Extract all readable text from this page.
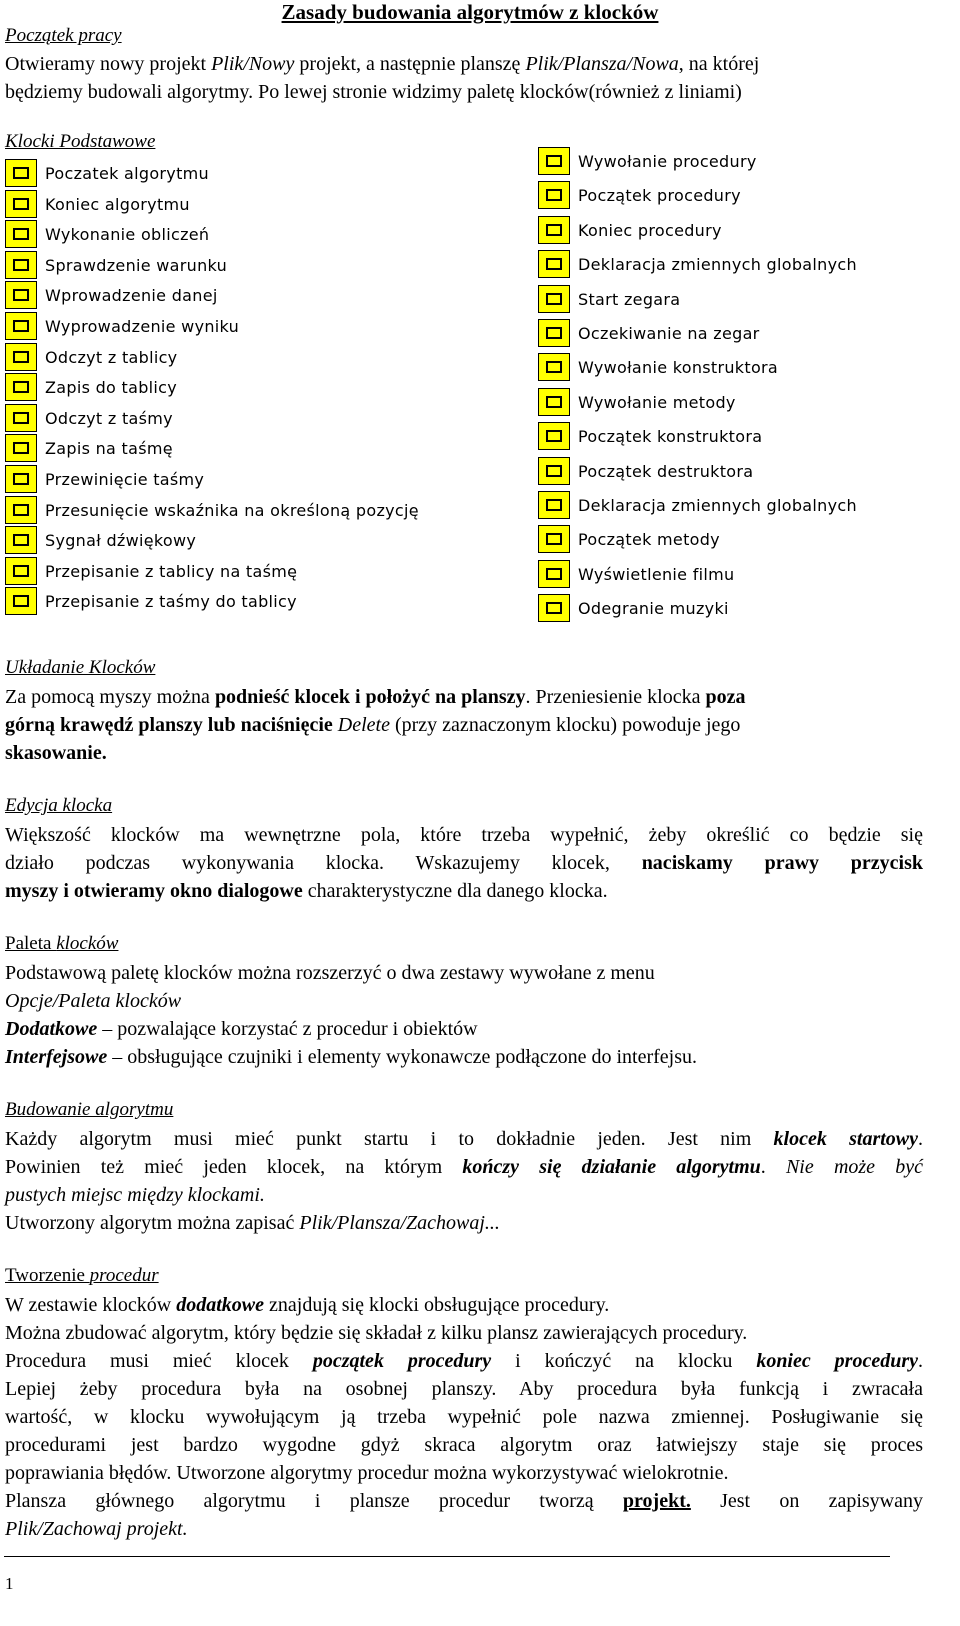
Zasady budowania algorytmów z klocków
Początek pracy
Otwieramy nowy projekt Plik/Nowy projekt, a następnie planszę Plik/Plansza/Nowa, na której
będziemy budowali algorytmy. Po lewej stronie widzimy paletę klocków(również z liniami)
Klocki Podstawowe
Poczatek algorytmu
Koniec algorytmu
Wykonanie obliczeń
Sprawdzenie warunku
Wprowadzenie danej
Wyprowadzenie wyniku
Odczyt z tablicy
Zapis do tablicy
Odczyt z taśmy
Zapis na taśmę
Przewinięcie taśmy
Przesunięcie wskaźnika na określoną pozycję
Sygnał dźwiękowy
Przepisanie z tablicy na taśmę
Przepisanie z taśmy do tablicy
Wywołanie procedury
Początek procedury
Koniec procedury
Deklaracja zmiennych globalnych
Start zegara
Oczekiwanie na zegar
Wywołanie konstruktora
Wywołanie metody
Początek konstruktora
Początek destruktora
Deklaracja zmiennych globalnych
Początek metody
Wyświetlenie filmu
Odegranie muzyki
Układanie Klocków
Za pomocą myszy można podnieść klocek i położyć na planszy. Przeniesienie klocka poza
górną krawędź planszy lub naciśnięcie Delete (przy zaznaczonym klocku) powoduje jego
skasowanie.
Edycja klocka
Większość klocków ma wewnętrzne pola, które trzeba wypełnić, żeby określić co będzie się
działo podczas wykonywania klocka. Wskazujemy klocek, naciskamy prawy przycisk
myszy i otwieramy okno dialogowe charakterystyczne dla danego klocka.
Paleta klocków
Podstawową paletę klocków można rozszerzyć o dwa zestawy wywołane z menu
Opcje/Paleta klocków
Dodatkowe – pozwalające korzystać z procedur i obiektów
Interfejsowe – obsługujące czujniki i elementy wykonawcze podłączone do interfejsu.
Budowanie algorytmu
Każdy algorytm musi mieć punkt startu i to dokładnie jeden. Jest nim klocek startowy.
Powinien też mieć jeden klocek, na którym kończy się działanie algorytmu. Nie może być
pustych miejsc między klockami.
Utworzony algorytm można zapisać Plik/Plansza/Zachowaj...
Tworzenie procedur
W zestawie klocków dodatkowe znajdują się klocki obsługujące procedury.
Można zbudować algorytm, który będzie się składał z kilku plansz zawierających procedury.
Procedura musi mieć klocek początek procedury i kończyć na klocku koniec procedury.
Lepiej żeby procedura była na osobnej planszy. Aby procedura była funkcją i zwracała
wartość, w klocku wywołującym ją trzeba wypełnić pole nazwa zmiennej. Posługiwanie się
procedurami jest bardzo wygodne gdyż skraca algorytm oraz łatwiejszy staje się proces
poprawiania błędów. Utworzone algorytmy procedur można wykorzystywać wielokrotnie.
Plansza głównego algorytmu i plansze procedur tworzą projekt. Jest on zapisywany
Plik/Zachowaj projekt.
1
